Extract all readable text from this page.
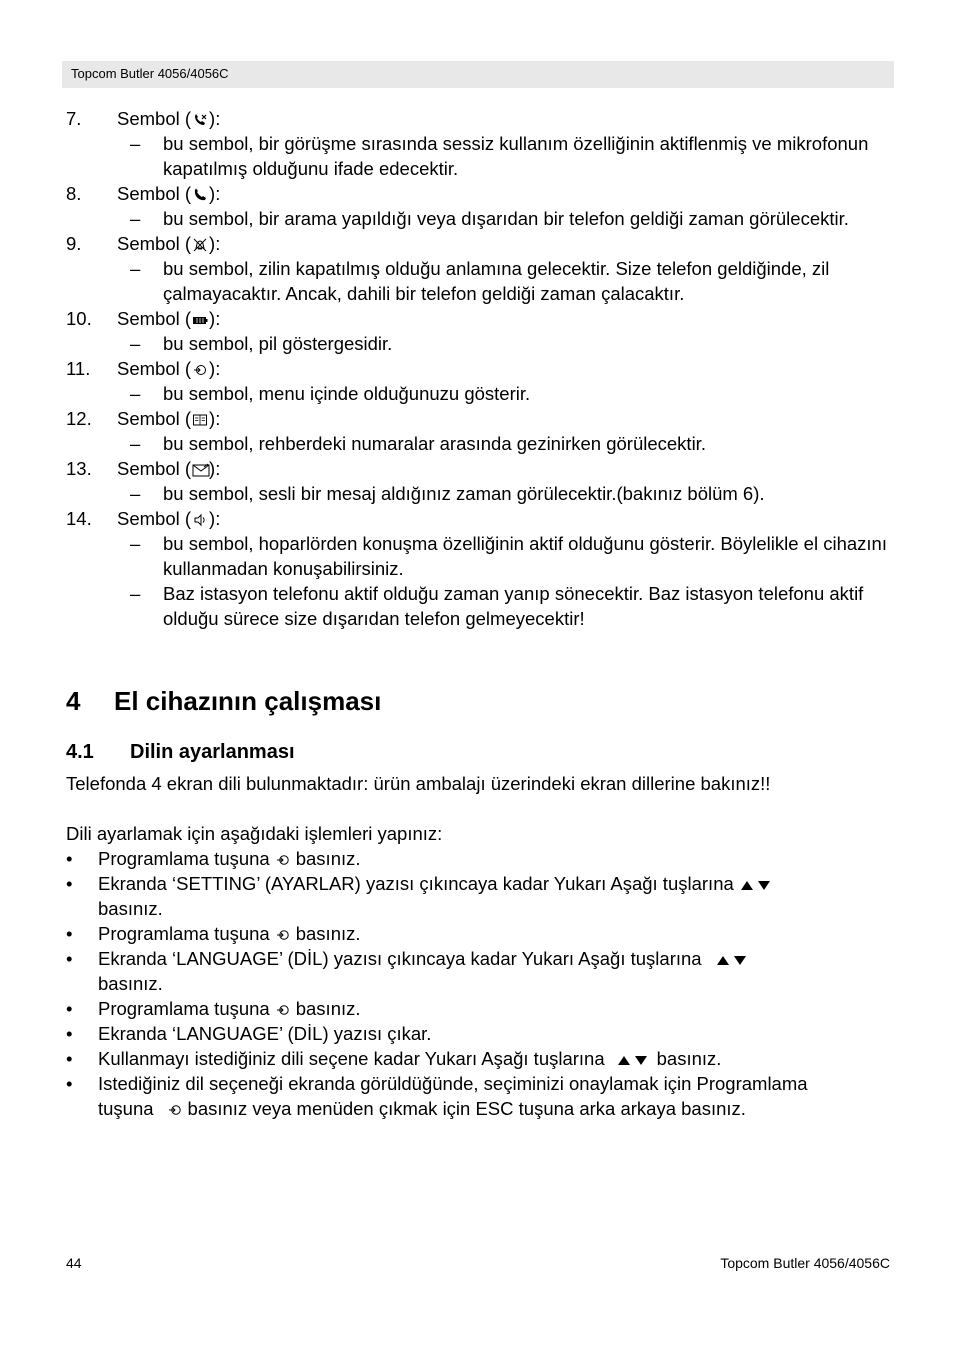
Topcom Butler 4056/4056C
7. Sembol ( ):
– bu sembol, bir görüşme sırasında sessiz kullanım özelliğinin aktiflenmiş ve mikrofonun kapatılmış olduğunu ifade edecektir.
8. Sembol ( ):
– bu sembol, bir arama yapıldığı veya dışarıdan bir telefon geldiği zaman görülecektir.
9. Sembol ( ):
– bu sembol, zilin kapatılmış olduğu anlamına gelecektir. Size telefon geldiğinde, zil çalmayacaktır. Ancak, dahili bir telefon geldiği zaman çalacaktır.
10. Sembol ( ):
– bu sembol, pil göstergesidir.
11. Sembol ( ):
– bu sembol, menu içinde olduğunuzu gösterir.
12. Sembol ( ):
– bu sembol, rehberdeki numaralar arasında gezinirken görülecektir.
13. Sembol ( ):
– bu sembol, sesli bir mesaj aldığınız zaman görülecektir.(bakınız bölüm 6).
14. Sembol ( ):
– bu sembol, hoparlörden konuşma özelliğinin aktif olduğunu gösterir. Böylelikle el cihazını kullanmadan konuşabilirsiniz.
– Baz istasyon telefonu aktif olduğu zaman yanıp sönecektir. Baz istasyon telefonu aktif olduğu sürece size dışarıdan telefon gelmeyecektir!
4 El cihazının çalışması
4.1 Dilin ayarlanması
Telefonda 4 ekran dili bulunmaktadır: ürün ambalajı üzerindeki ekran dillerine bakınız!!
Dili ayarlamak için aşağıdaki işlemleri yapınız:
• Programlama tuşuna basınız.
• Ekranda ‘SETTING’ (AYARLAR) yazısı çıkıncaya kadar Yukarı Aşağı tuşlarına
basınız.
• Programlama tuşuna basınız.
• Ekranda ‘LANGUAGE’ (DİL) yazısı çıkıncaya kadar Yukarı Aşağı tuşlarına
basınız.
• Programlama tuşuna basınız.
• Ekranda ‘LANGUAGE’ (DİL) yazısı çıkar.
• Kullanmayı istediğiniz dili seçene kadar Yukarı Aşağı tuşlarına	basınız.
• Istediğiniz dil seçeneği ekranda görüldüğünde, seçiminizi onaylamak için Programlama
tuşuna basınız veya menüden çıkmak için ESC tuşuna arka arkaya basınız.
44	Topcom Butler 4056/4056C
